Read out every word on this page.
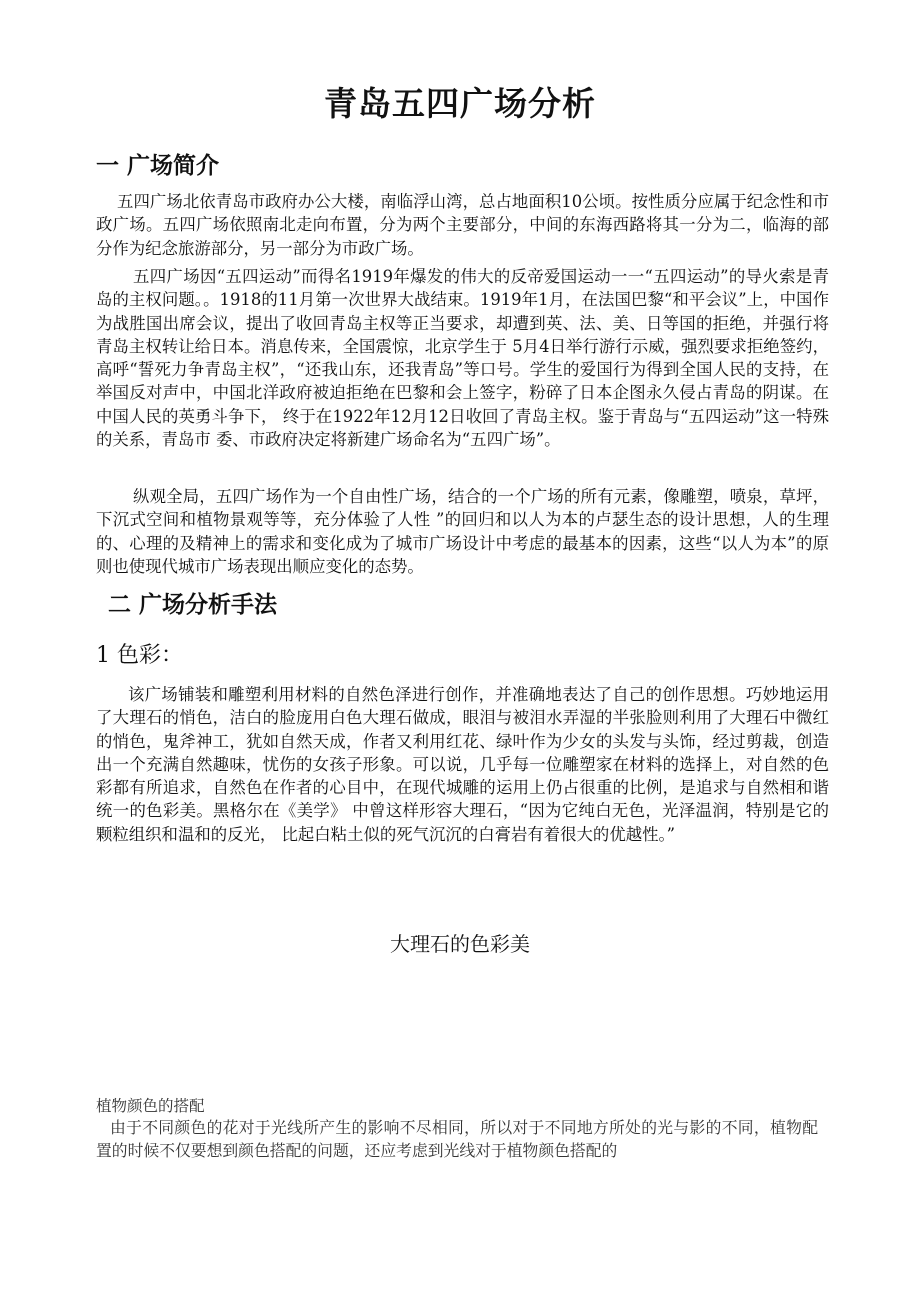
青岛五四广场分析
一 广场简介
五四广场北依青岛市政府办公大楼，南临浮山湾，总占地面积10公顷。按性质分应属于纪念性和市政广场。五四广场依照南北走向布置，分为两个主要部分，中间的东海西路将其一分为二，临海的部分作为纪念旅游部分，另一部分为市政广场。
五四广场因“五四运动”而得名1919年爆发的伟大的反帝爱国运动一一“五四运动”的导火索是青岛的主权问题。。1918的11月第一次世界大战结束。1919年1月，在法国巴黎“和平会议”上，中国作为战胜国出席会议，提出了收回青岛主权等正当要求，却遭到英、法、美、日等国的拒绝，并强行将青岛主权转让给日本。消息传来，全国震惊，北京学生于 5月4日举行游行示威，强烈要求拒绝签约，高呼“誓死力争青岛主权”，“还我山东，还我青岛”等口号。学生的爱国行为得到全国人民的支持，在举国反对声中，中国北洋政府被迫拒绝在巴黎和会上签字，粉碎了日本企图永久侵占青岛的阴谋。在中国人民的英勇斗争下， 终于在1922年12月12日收回了青岛主权。鉴于青岛与“五四运动”这一特殊的关系，青岛市 委、市政府决定将新建广场命名为“五四广场”。
纵观全局，五四广场作为一个自由性广场，结合的一个广场的所有元素，像雕塑，喷泉，草坪，下沉式空间和植物景观等等，充分体验了人性 ”的回归和以人为本的卢瑟生态的设计思想，人的生理的、心理的及精神上的需求和变化成为了城市广场设计中考虑的最基本的因素，这些“以人为本”的原则也使现代城市广场表现出顺应变化的态势。
二 广场分析手法
1 色彩：
该广场铺装和雕塑利用材料的自然色泽进行创作，并准确地表达了自己的创作思想。巧妙地运用了大理石的悄色，洁白的脸庞用白色大理石做成，眼泪与被泪水弄湿的半张脸则利用了大理石中微红的悄色，鬼斧神工，犹如自然天成，作者又利用红花、绿叶作为少女的头发与头饰，经过剪裁，创造出一个充满自然趣味，忧伤的女孩子形象。可以说，几乎每一位雕塑家在材料的选择上，对自然的色彩都有所追求，自然色在作者的心目中，在现代城雕的运用上仍占很重的比例，是追求与自然相和谐统一的色彩美。黑格尔在《美学》 中曾这样形容大理石，“因为它纯白无色，光泽温润，特别是它的颗粒组织和温和的反光， 比起白粘土似的死气沉沉的白膏岩有着很大的优越性。”
大理石的色彩美
植物颜色的搭配
由于不同颜色的花对于光线所产生的影响不尽相同，所以对于不同地方所处的光与影的不同，植物配置的时候不仅要想到颜色搭配的问题，还应考虑到光线对于植物颜色搭配的
